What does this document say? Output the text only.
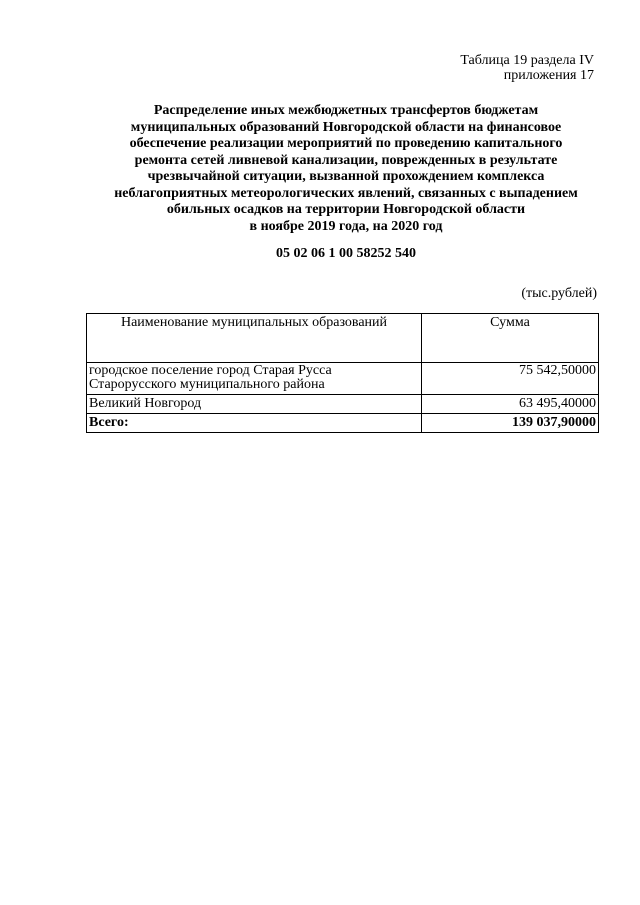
Таблица 19 раздела IV
приложения 17
Распределение иных межбюджетных трансфертов бюджетам
муниципальных образований Новгородской области на финансовое
обеспечение реализации мероприятий по проведению капитального
ремонта сетей ливневой канализации, поврежденных в результате
чрезвычайной ситуации, вызванной прохождением комплекса
неблагоприятных метеорологических явлений, связанных с выпадением
обильных осадков на территории Новгородской области
в ноябре 2019 года, на 2020 год
05 02 06 1 00 58252 540
(тыс.рублей)
Наименование муниципальных образований	Сумма

городское поселение город Старая Русса
Старорусского муниципального района	75 542,50000
Великий Новгород	63 495,40000
Всего:	139 037,90000
